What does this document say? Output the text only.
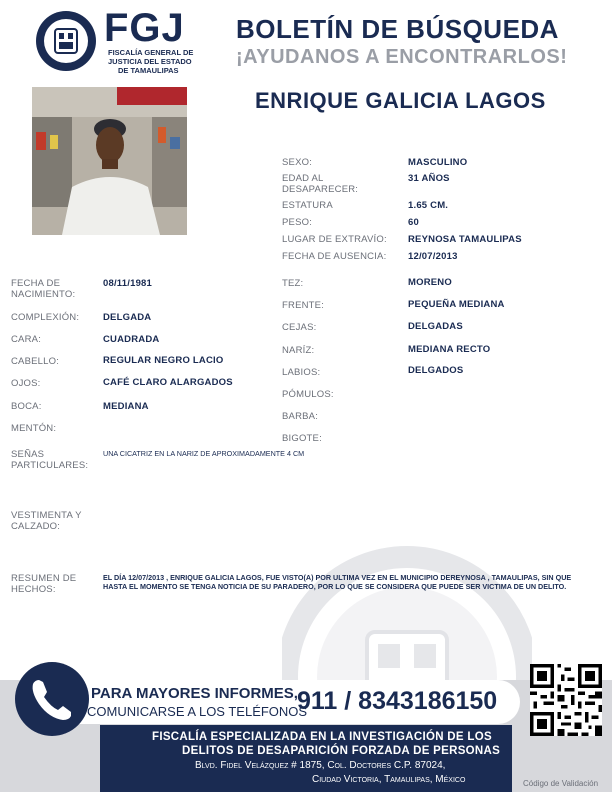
FGJ
FISCALÍA GENERAL DE
JUSTICIA DEL ESTADO
DE TAMAULIPAS
BOLETÍN DE BÚSQUEDA
¡AYUDANOS A ENCONTRARLOS!
ENRIQUE GALICIA LAGOS
SEXO:	MASCULINO
EDAD AL
DESAPARECER:
31 AÑOS
ESTATURA	1.65 CM.
PESO:	60
LUGAR DE EXTRAVÍO: REYNOSA TAMAULIPAS
FECHA DE AUSENCIA: 12/07/2013
FECHA DE
NACIMIENTO:
08/11/1981
COMPLEXIÓN:	DELGADA
CARA:	CUADRADA
CABELLO:	REGULAR NEGRO LACIO
OJOS:	CAFÉ CLARO ALARGADOS
BOCA:	MEDIANA
MENTÓN:
TEZ:	MORENO
FRENTE:	PEQUEÑA MEDIANA
CEJAS:	DELGADAS
NARÍZ:	MEDIANA RECTO
LABIOS:	DELGADOS
PÓMULOS:
BARBA:
BIGOTE:
SEÑAS
PARTICULARES:
UNA CICATRIZ EN LA NARIZ DE APROXIMADAMENTE 4 CM
VESTIMENTA Y
CALZADO:
RESUMEN DE
HECHOS:
EL DÍA 12/07/2013 , ENRIQUE GALICIA LAGOS, FUE VISTO(A) POR ULTIMA VEZ EN EL MUNICIPIO DEREYNOSA , TAMAULIPAS, SIN QUE HASTA EL MOMENTO SE TENGA NOTICIA DE SU PARADERO, POR LO QUE SE CONSIDERA QUE PUEDE SER VICTIMA DE UN DELITO.
PARA MAYORES INFORMES,
COMUNICARSE A LOS TELÉFONOS
911 / 8343186150
FISCALÍA ESPECIALIZADA EN LA INVESTIGACIÓN DE LOS
DELITOS DE DESAPARICIÓN FORZADA DE PERSONAS
Blvd. Fidel Velázquez # 1875, Col. Doctores C.P. 87024,
Ciudad Victoria, Tamaulipas, México	Código de Validación
